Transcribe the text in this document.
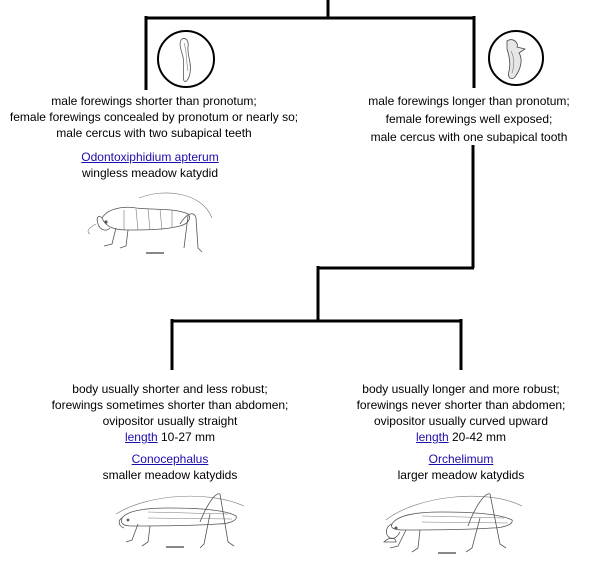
male forewings shorter than pronotum;
female forewings concealed by pronotum or nearly so;
male cercus with two subapical teeth
Odontoxiphidium apterum
wingless meadow katydid
male forewings longer than pronotum;
female forewings well exposed;
male cercus with one subapical tooth
body usually shorter and less robust;
forewings sometimes shorter than abdomen;
ovipositor usually straight
length 10-27 mm
Conocephalus
smaller meadow katydids
body usually longer and more robust;
forewings never shorter than abdomen;
ovipositor usually curved upward
length 20-42 mm
Orchelimum
larger meadow katydids
